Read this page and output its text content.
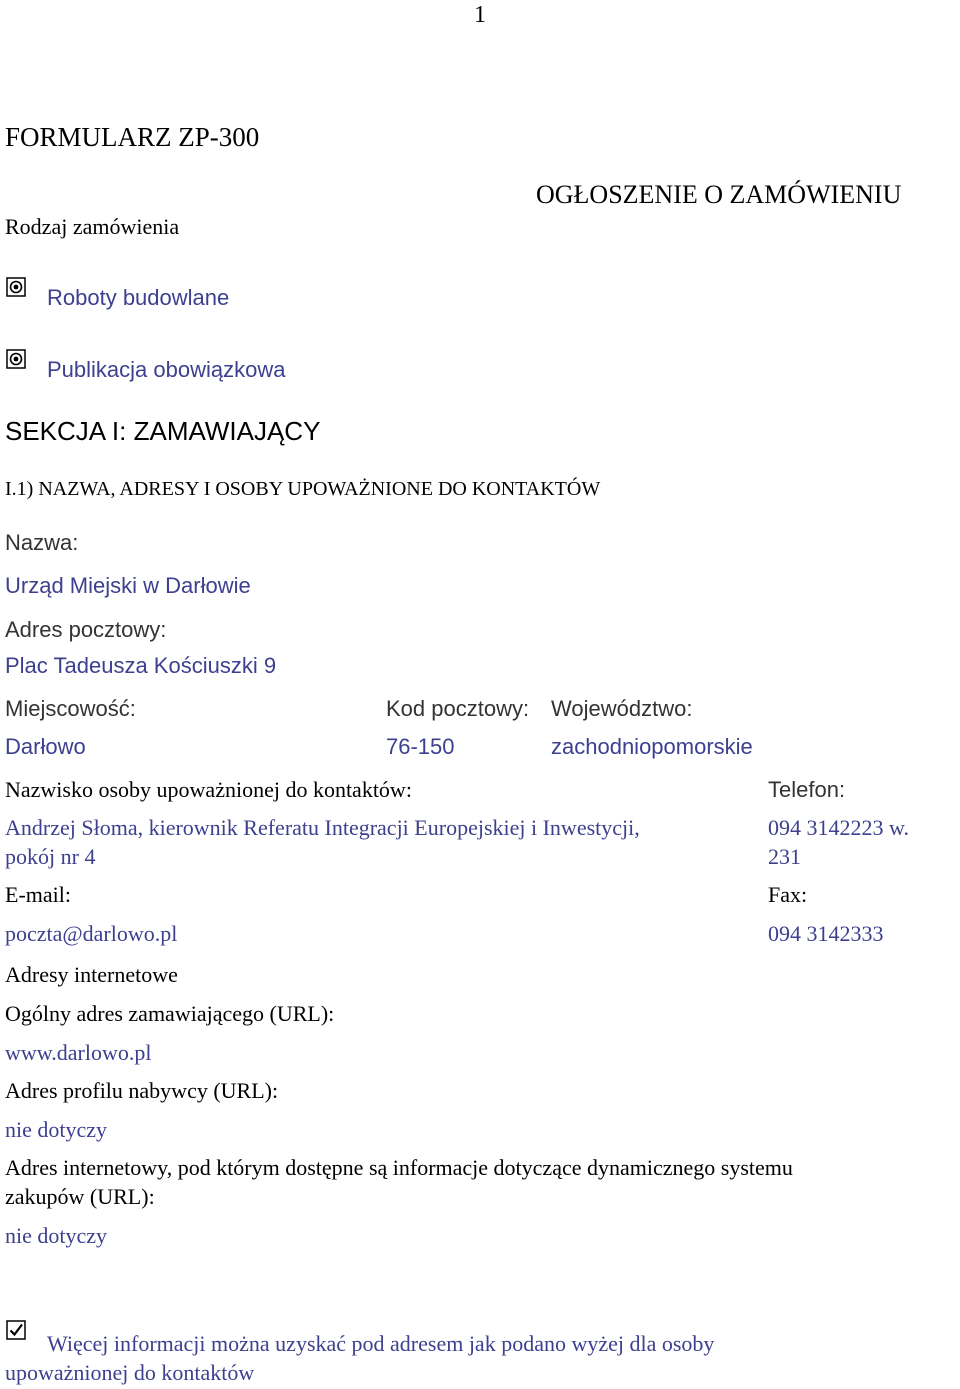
1
FORMULARZ ZP-300
OGŁOSZENIE O ZAMÓWIENIU
Rodzaj zamówienia
Roboty budowlane
Publikacja obowiązkowa
SEKCJA I: ZAMAWIAJĄCY
I.1) NAZWA, ADRESY I OSOBY UPOWAŻNIONE DO KONTAKTÓW
Nazwa:
Urząd Miejski w Darłowie
Adres pocztowy:
Plac Tadeusza Kościuszki 9
Miejscowość:	Kod pocztowy: Województwo:
Darłowo	76-150	zachodniopomorskie
Nazwisko osoby upoważnionej do kontaktów:	Telefon:
Andrzej Słoma, kierownik Referatu Integracji Europejskiej i Inwestycji,
pokój nr 4
094 3142223 w.
231
E-mail:	Fax:
poczta@darlowo.pl	094 3142333
Adresy internetowe
Ogólny adres zamawiającego (URL):
www.darlowo.pl
Adres profilu nabywcy (URL):
nie dotyczy
Adres internetowy, pod którym dostępne są informacje dotyczące dynamicznego systemu
zakupów (URL):
nie dotyczy
Więcej informacji można uzyskać pod adresem jak podano wyżej dla osoby
upoważnionej do kontaktów
